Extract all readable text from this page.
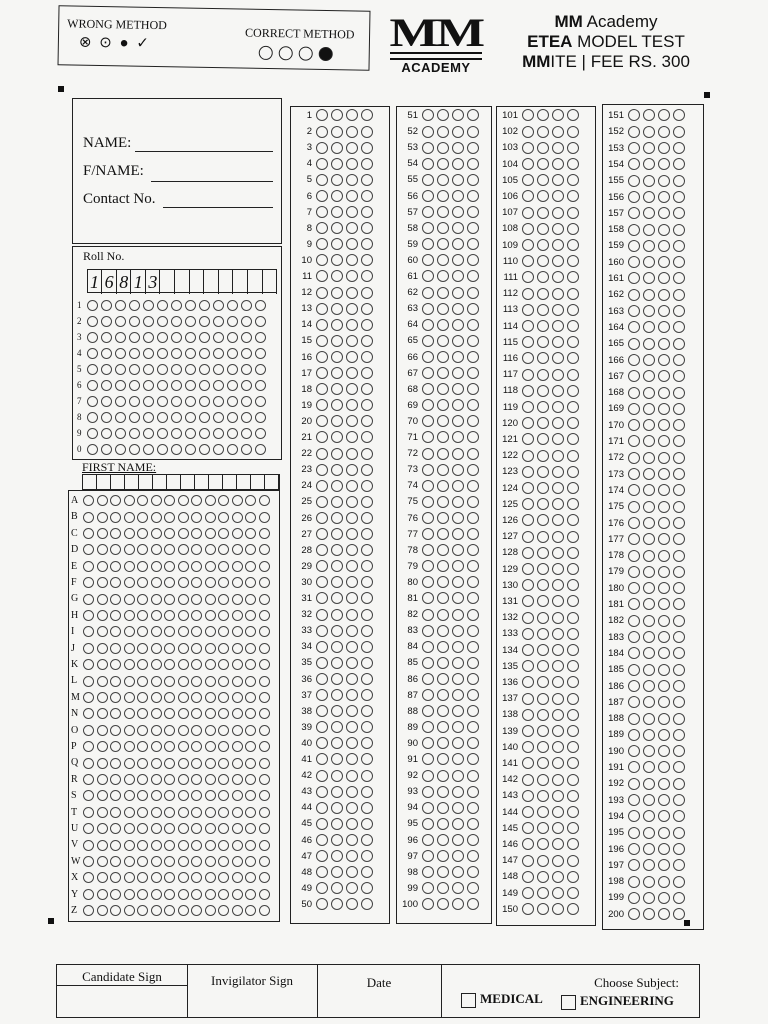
WRONG METHOD
⊗ ⊙ ● ✓
CORRECT METHOD
MM
ACADEMY
MM Academy
ETEA MODEL TEST
MMITE | FEE RS. 300
NAME:
F/NAME:
Contact No.
Roll No.
1 6 8 1 3
1
2
3
4
5
6
7
8
9
0
FIRST NAME:
A
B
C
D
E
F
G
H
I
J
K
L
M
N
O
P
Q
R
S
T
U
V
W
X
Y
Z
1
2
3
4
5
6
7
8
9
10
11
12
13
14
15
16
17
18
19
20
21
22
23
24
25
26
27
28
29
30
31
32
33
34
35
36
37
38
39
40
41
42
43
44
45
46
47
48
49
50
51
52
53
54
55
56
57
58
59
60
61
62
63
64
65
66
67
68
69
70
71
72
73
74
75
76
77
78
79
80
81
82
83
84
85
86
87
88
89
90
91
92
93
94
95
96
97
98
99
100
101
102
103
104
105
106
107
108
109
110
111
112
113
114
115
116
117
118
119
120
121
122
123
124
125
126
127
128
129
130
131
132
133
134
135
136
137
138
139
140
141
142
143
144
145
146
147
148
149
150
151
152
153
154
155
156
157
158
159
160
161
162
163
164
165
166
167
168
169
170
171
172
173
174
175
176
177
178
179
180
181
182
183
184
185
186
187
188
189
190
191
192
193
194
195
196
197
198
199
200
Candidate Sign	Invigilator Sign	Date	Choose Subject:
MEDICAL	ENGINEERING
